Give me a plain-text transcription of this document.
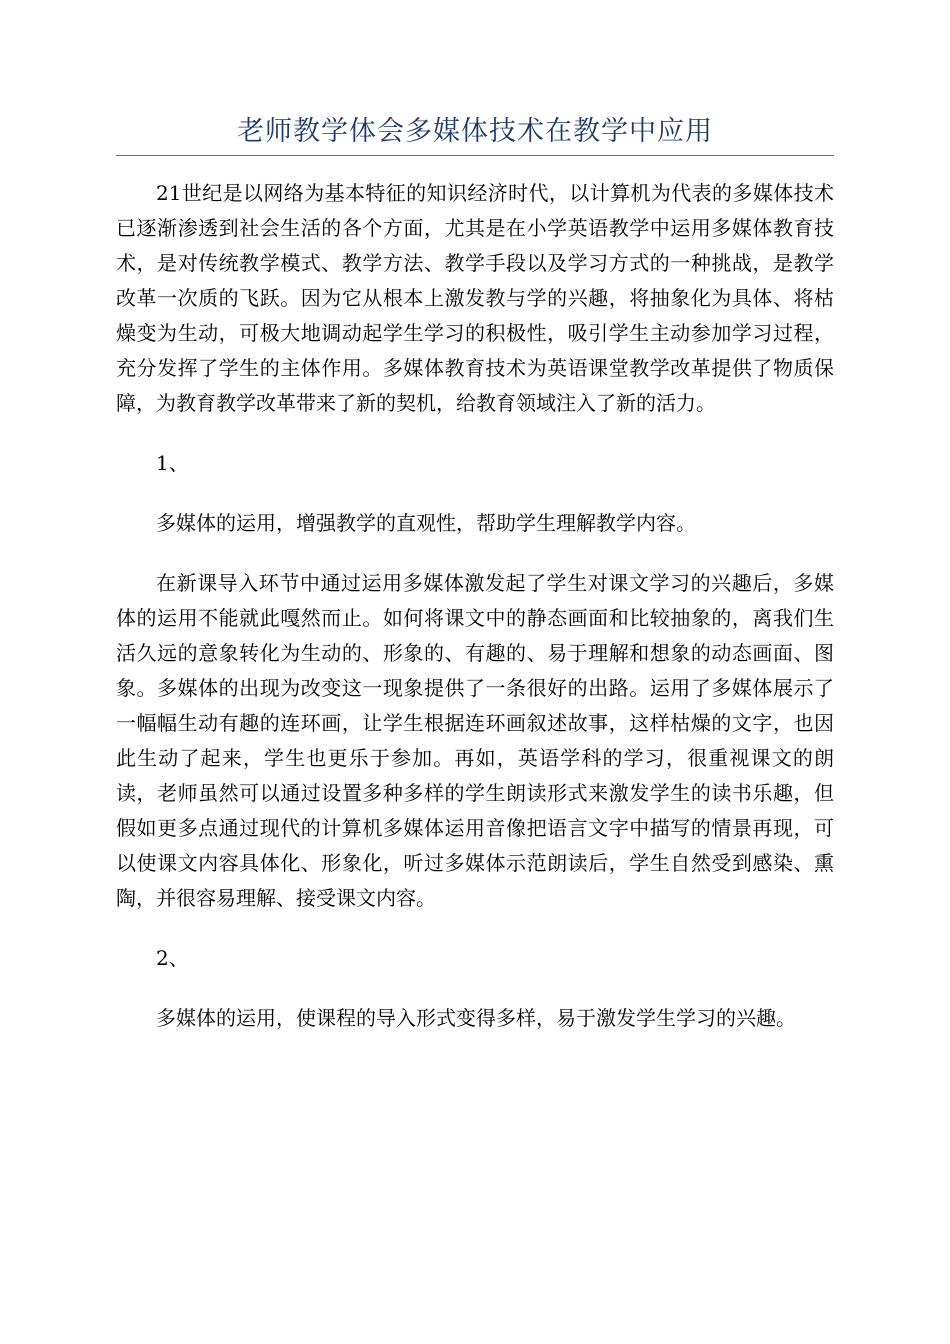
老师教学体会多媒体技术在教学中应用

21世纪是以网络为基本特征的知识经济时代，以计算机为代表的多媒体技术已逐渐渗透到社会生活的各个方面，尤其是在小学英语教学中运用多媒体教育技术，是对传统教学模式、教学方法、教学手段以及学习方式的一种挑战，是教学改革一次质的飞跃。因为它从根本上激发教与学的兴趣，将抽象化为具体、将枯燥变为生动，可极大地调动起学生学习的积极性，吸引学生主动参加学习过程，充分发挥了学生的主体作用。多媒体教育技术为英语课堂教学改革提供了物质保障，为教育教学改革带来了新的契机，给教育领域注入了新的活力。

1、

多媒体的运用，增强教学的直观性，帮助学生理解教学内容。

在新课导入环节中通过运用多媒体激发起了学生对课文学习的兴趣后，多媒体的运用不能就此嘎然而止。如何将课文中的静态画面和比较抽象的，离我们生活久远的意象转化为生动的、形象的、有趣的、易于理解和想象的动态画面、图象。多媒体的出现为改变这一现象提供了一条很好的出路。运用了多媒体展示了一幅幅生动有趣的连环画，让学生根据连环画叙述故事，这样枯燥的文字，也因此生动了起来，学生也更乐于参加。再如，英语学科的学习，很重视课文的朗读，老师虽然可以通过设置多种多样的学生朗读形式来激发学生的读书乐趣，但假如更多点通过现代的计算机多媒体运用音像把语言文字中描写的情景再现，可以使课文内容具体化、形象化，听过多媒体示范朗读后，学生自然受到感染、熏陶，并很容易理解、接受课文内容。

2、

多媒体的运用，使课程的导入形式变得多样，易于激发学生学习的兴趣。
